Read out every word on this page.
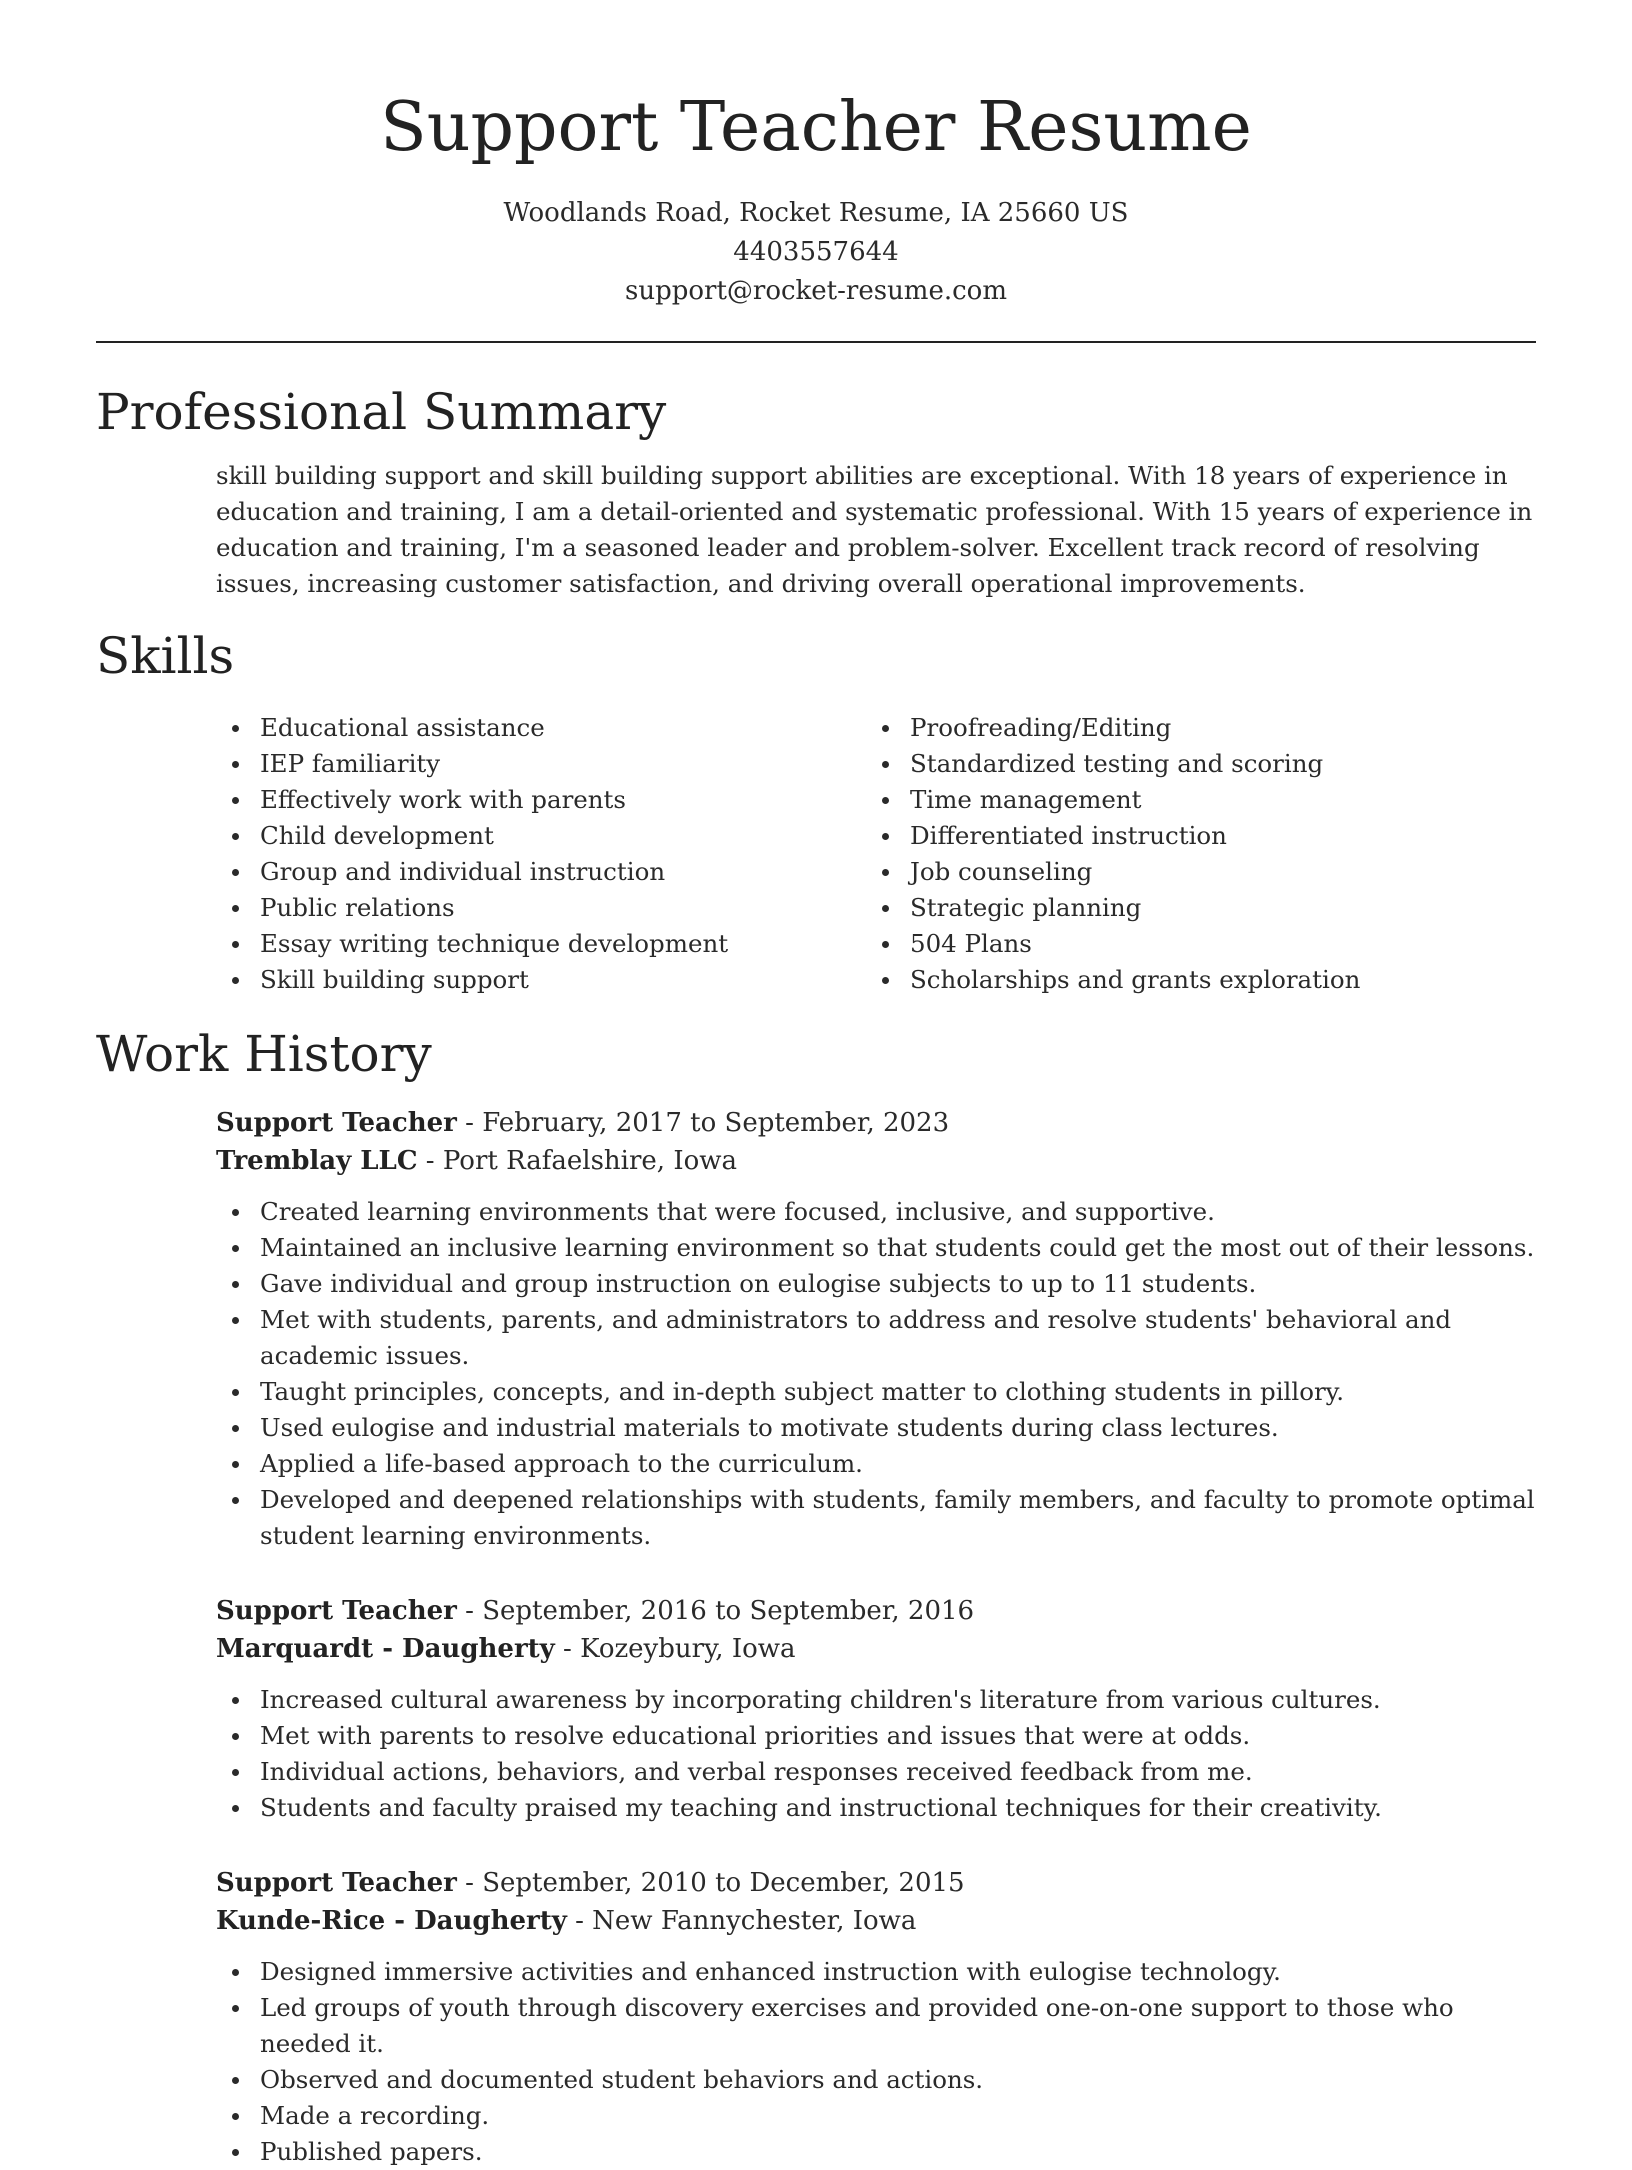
Support Teacher Resume
Woodlands Road, Rocket Resume, IA 25660 US
4403557644
support@rocket-resume.com
Professional Summary

skill building support and skill building support abilities are exceptional. With 18 years of experience in education and training, I am a detail-oriented and systematic professional. With 15 years of experience in education and training, I'm a seasoned leader and problem-solver. Excellent track record of resolving issues, increasing customer satisfaction, and driving overall operational improvements.

Skills
Educational assistance
IEP familiarity
Effectively work with parents
Child development
Group and individual instruction
Public relations
Essay writing technique development
Skill building support
Proofreading/Editing
Standardized testing and scoring
Time management
Differentiated instruction
Job counseling
Strategic planning
504 Plans
Scholarships and grants exploration
Work History
Support Teacher - February, 2017 to September, 2023
Tremblay LLC - Port Rafaelshire, Iowa
Created learning environments that were focused, inclusive, and supportive.
Maintained an inclusive learning environment so that students could get the most out of their lessons.
Gave individual and group instruction on eulogise subjects to up to 11 students.
Met with students, parents, and administrators to address and resolve students' behavioral and academic issues.
Taught principles, concepts, and in-depth subject matter to clothing students in pillory.
Used eulogise and industrial materials to motivate students during class lectures.
Applied a life-based approach to the curriculum.
Developed and deepened relationships with students, family members, and faculty to promote optimal student learning environments.
Support Teacher - September, 2016 to September, 2016
Marquardt - Daugherty - Kozeybury, Iowa
Increased cultural awareness by incorporating children's literature from various cultures.
Met with parents to resolve educational priorities and issues that were at odds.
Individual actions, behaviors, and verbal responses received feedback from me.
Students and faculty praised my teaching and instructional techniques for their creativity.
Support Teacher - September, 2010 to December, 2015
Kunde-Rice - Daugherty - New Fannychester, Iowa
Designed immersive activities and enhanced instruction with eulogise technology.
Led groups of youth through discovery exercises and provided one-on-one support to those who needed it.
Observed and documented student behaviors and actions.
Made a recording.
Published papers.
